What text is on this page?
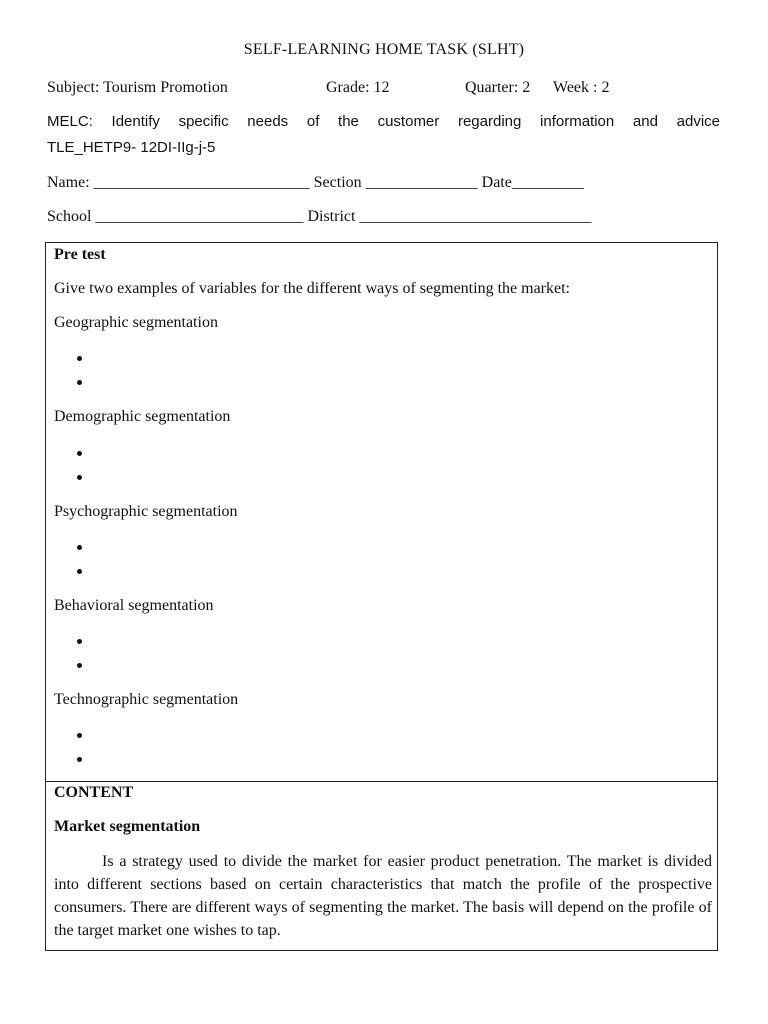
SELF-LEARNING HOME TASK (SLHT)
Subject: Tourism Promotion	Grade: 12	Quarter: 2 Week : 2
MELC: Identify specific needs of the customer regarding information and advice
TLE_HETP9- 12DI-IIg-j-5
Name: ___________________________ Section ______________ Date_________
School __________________________ District _____________________________
Pre test
Give two examples of variables for the different ways of segmenting the market:
Geographic segmentation
Demographic segmentation
Psychographic segmentation
Behavioral segmentation
Technographic segmentation
CONTENT
Market segmentation
Is a strategy used to divide the market for easier product penetration. The market is divided into different sections based on certain characteristics that match the profile of the prospective consumers. There are different ways of segmenting the market. The basis will depend on the profile of the target market one wishes to tap.
